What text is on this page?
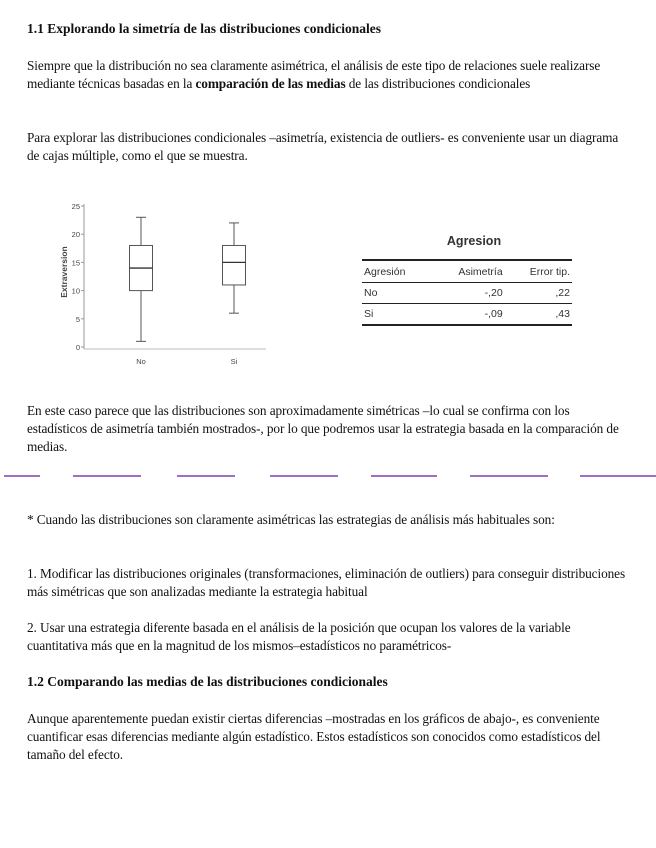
1.1 Explorando la simetría de las distribuciones condicionales

Siempre que la distribución no sea claramente asimétrica, el análisis de este tipo de relaciones suele realizarse mediante técnicas basadas en la comparación de las medias de las distribuciones condicionales

Para explorar las distribuciones condicionales –asimetría, existencia de outliers- es conveniente usar un diagrama de cajas múltiple, como el que se muestra.

Extraversion
0
5
10
15
20
25
No	Si
Agresion
Agresión	Asimetría	Error tip.
No	-,20	,22
Si	-,09	,43

En este caso parece que las distribuciones son aproximadamente simétricas –lo cual se confirma con los estadísticos de asimetría también mostrados-, por lo que podremos usar la estrategia basada en la comparación de medias.

* Cuando las distribuciones son claramente asimétricas las estrategias de análisis más habituales son:

1. Modificar las distribuciones originales (transformaciones, eliminación de outliers) para conseguir distribuciones más simétricas que son analizadas mediante la estrategia habitual

2. Usar una estrategia diferente basada en el análisis de la posición que ocupan los valores de la variable cuantitativa más que en la magnitud de los mismos–estadísticos no paramétricos-

1.2 Comparando las medias de las distribuciones condicionales

Aunque aparentemente puedan existir ciertas diferencias –mostradas en los gráficos de abajo-, es conveniente cuantificar esas diferencias mediante algún estadístico. Estos estadísticos son conocidos como estadísticos del tamaño del efecto.
